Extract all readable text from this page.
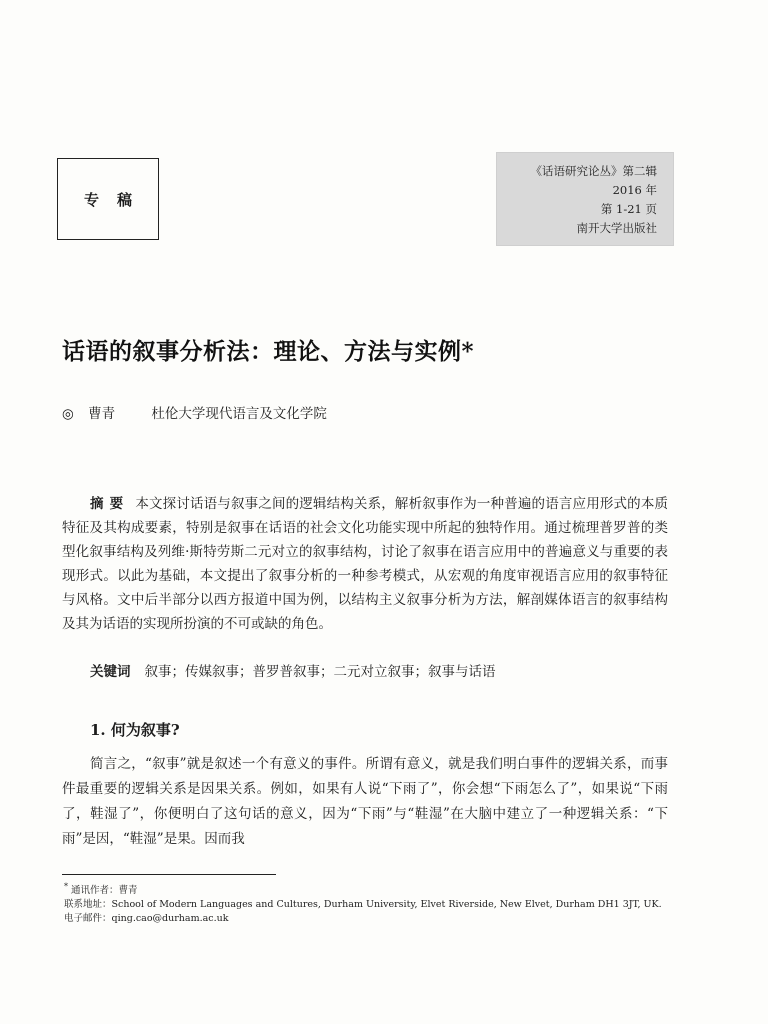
专稿
《话语研究论丛》第二辑
2016 年
第 1-21 页
南开大学出版社
话语的叙事分析法：理论、方法与实例*
◎ 曹青	杜伦大学现代语言及文化学院

摘要 本文探讨话语与叙事之间的逻辑结构关系，解析叙事作为一种普遍的语言应用形式的本质特征及其构成要素，特别是叙事在话语的社会文化功能实现中所起的独特作用。通过梳理普罗普的类型化叙事结构及列维·斯特劳斯二元对立的叙事结构，讨论了叙事在语言应用中的普遍意义与重要的表现形式。以此为基础，本文提出了叙事分析的一种参考模式，从宏观的角度审视语言应用的叙事特征与风格。文中后半部分以西方报道中国为例，以结构主义叙事分析为方法，解剖媒体语言的叙事结构及其为话语的实现所扮演的不可或缺的角色。

关键词 叙事；传媒叙事；普罗普叙事；二元对立叙事；叙事与话语
1. 何为叙事?

简言之，“叙事”就是叙述一个有意义的事件。所谓有意义，就是我们明白事件的逻辑关系，而事件最重要的逻辑关系是因果关系。例如，如果有人说“下雨了”，你会想“下雨怎么了”，如果说“下雨了，鞋湿了”，你便明白了这句话的意义，因为“下雨”与“鞋湿”在大脑中建立了一种逻辑关系：“下雨”是因，“鞋湿”是果。因而我

* 通讯作者：曹青
联系地址：School of Modern Languages and Cultures, Durham University, Elvet Riverside, New Elvet, Durham DH1 3JT, UK.
电子邮件：qing.cao@durham.ac.uk
